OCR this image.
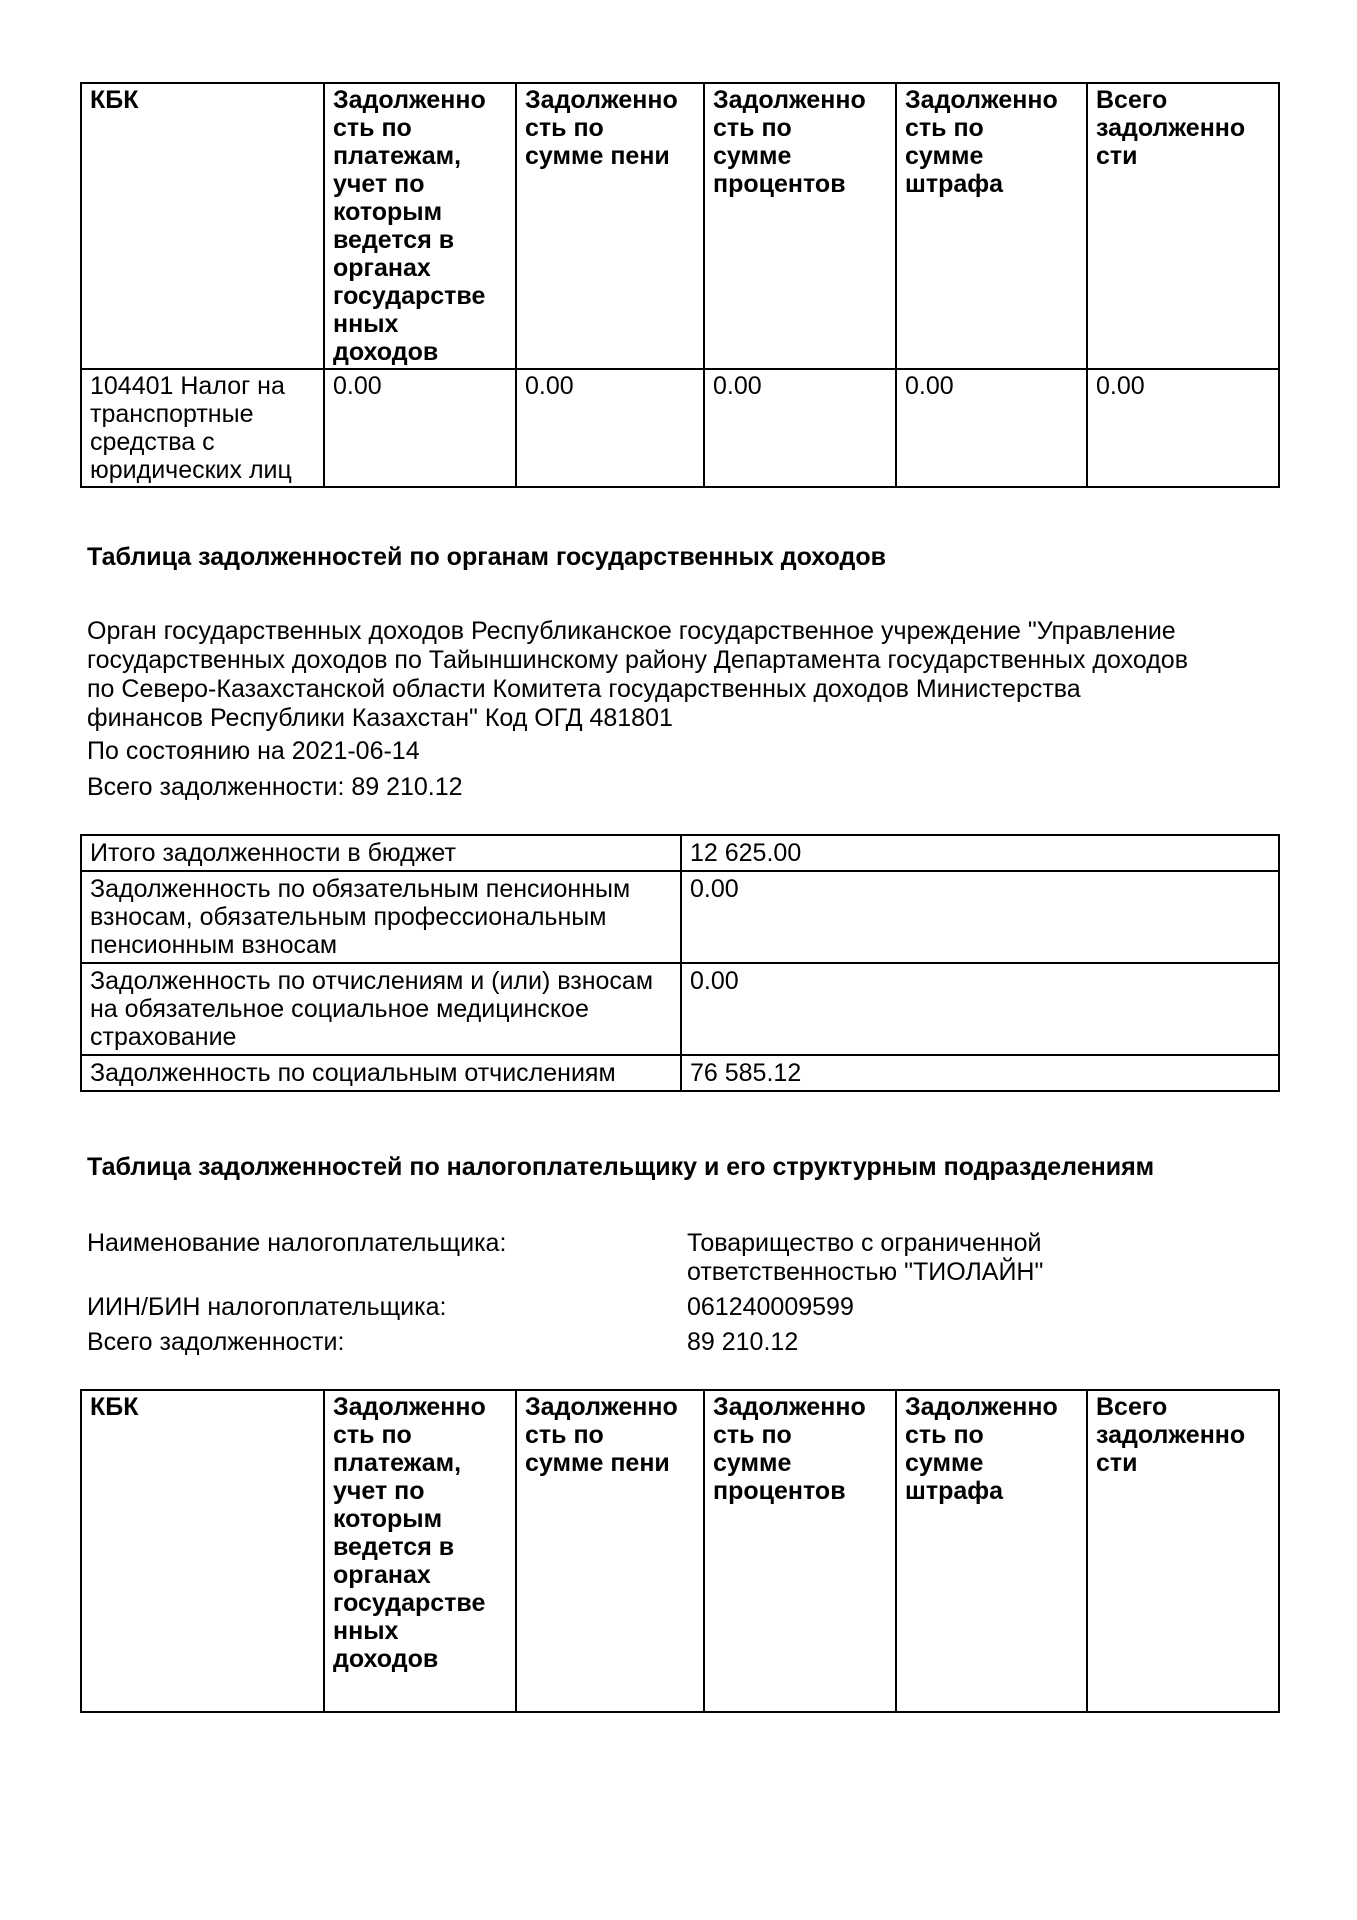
КБК	Задолженность по платежам, учет по которым ведется в органах государственных доходов	Задолженность по сумме пени	Задолженность по сумме процентов	Задолженность по сумме штрафа	Всего задолженности
104401 Налог на транспортные средства с юридических лиц	0.00	0.00	0.00	0.00	0.00
Таблица задолженностей по органам государственных доходов
Орган государственных доходов Республиканское государственное учреждение "Управление государственных доходов по Тайыншинскому району Департамента государственных доходов по Северо-Казахстанской области Комитета государственных доходов Министерства финансов Республики Казахстан" Код ОГД 481801
По состоянию на 2021-06-14
Всего задолженности: 89 210.12
Итого задолженности в бюджет	12 625.00
Задолженность по обязательным пенсионным взносам, обязательным профессиональным пенсионным взносам	0.00
Задолженность по отчислениям и (или) взносам на обязательное социальное медицинское страхование	0.00
Задолженность по социальным отчислениям	76 585.12
Таблица задолженностей по налогоплательщику и его структурным подразделениям
Наименование налогоплательщика:	Товарищество с ограниченной ответственностью "ТИОЛАЙН"
ИИН/БИН налогоплательщика:	061240009599
Всего задолженности:	89 210.12
КБК	Задолженность по платежам, учет по которым ведется в органах государственных доходов	Задолженность по сумме пени	Задолженность по сумме процентов	Задолженность по сумме штрафа	Всего задолженности
